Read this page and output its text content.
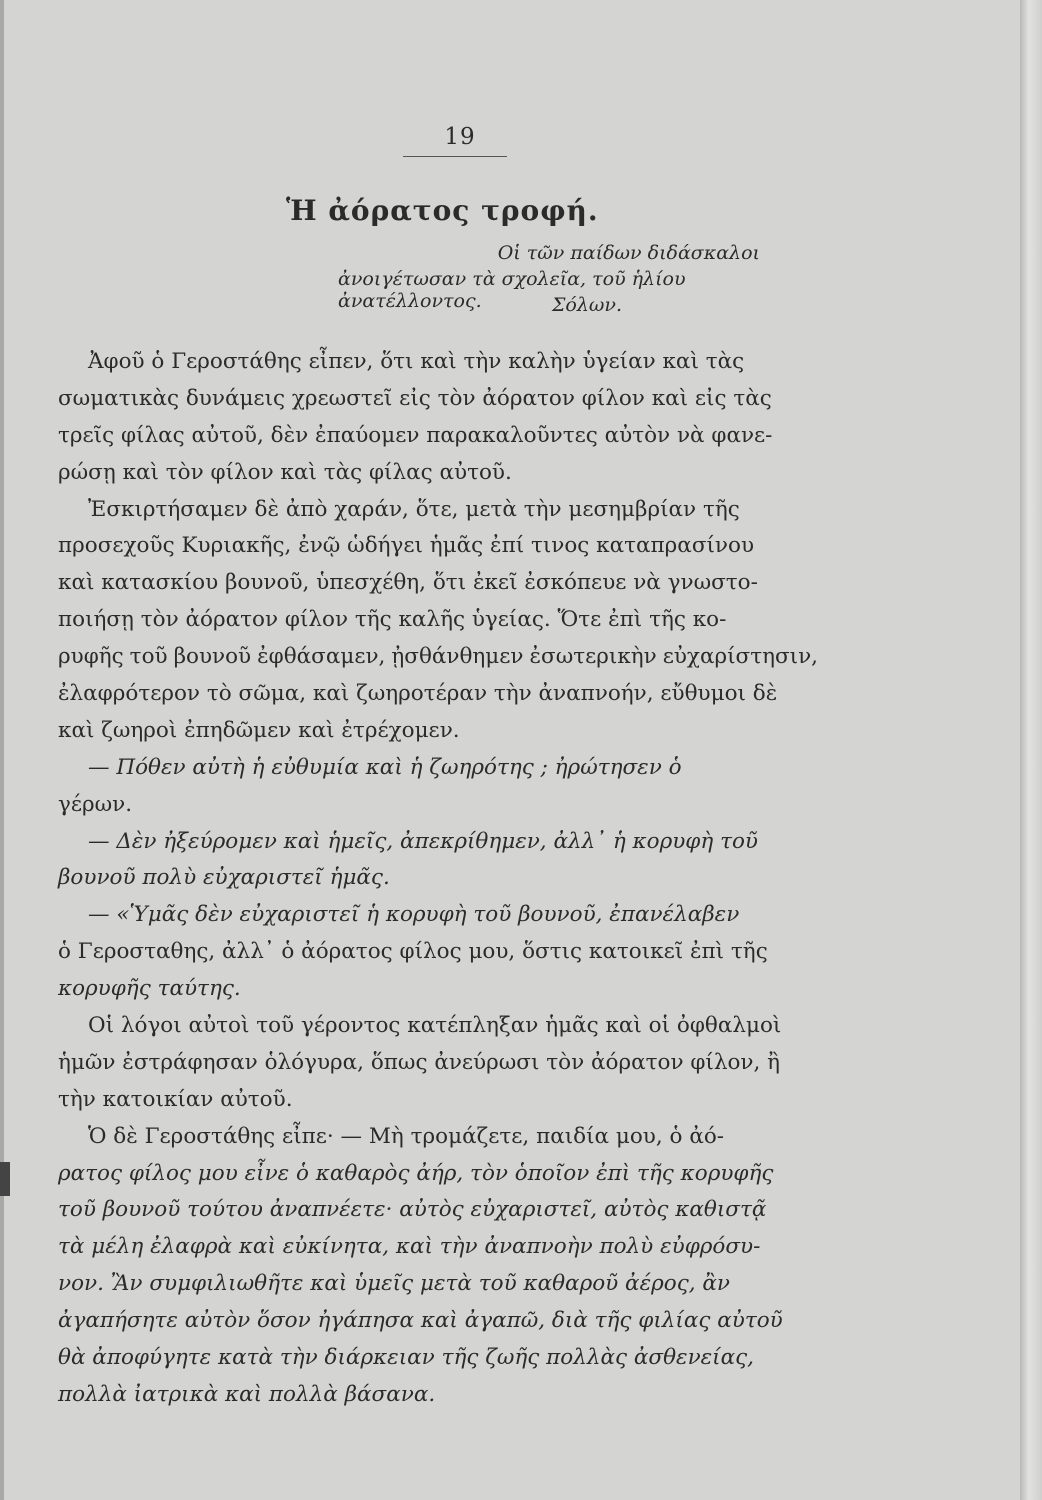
19
Ἡ ἀόρατος τροφή.
Οἱ τῶν παίδων διδάσκαλοι
ἀνοιγέτωσαν τὰ σχολεῖα, τοῦ ἡλίου ἀνατέλλοντος.	Σόλων.
Ἀφοῦ ὁ Γεροστάθης εἶπεν, ὅτι καὶ τὴν καλὴν ὑγείαν καὶ τὰς
σωματικὰς δυνάμεις χρεωστεῖ εἰς τὸν ἀόρατον φίλον καὶ εἰς τὰς
τρεῖς φίλας αὐτοῦ, δὲν ἐπαύομεν παρακαλοῦντες αὐτὸν νὰ φανε-
ρώσῃ καὶ τὸν φίλον καὶ τὰς φίλας αὐτοῦ.
Ἐσκιρτήσαμεν δὲ ἀπὸ χαράν, ὅτε, μετὰ τὴν μεσημβρίαν τῆς
προσεχοῦς Κυριακῆς, ἐνῷ ὡδήγει ἡμᾶς ἐπί τινος καταπρασίνου
καὶ κατασκίου βουνοῦ, ὑπεσχέθη, ὅτι ἐκεῖ ἐσκόπευε νὰ γνωστο-
ποιήσῃ τὸν ἀόρατον φίλον τῆς καλῆς ὑγείας. Ὅτε ἐπὶ τῆς κο-
ρυφῆς τοῦ βουνοῦ ἐφθάσαμεν, ᾐσθάνθημεν ἐσωτερικὴν εὐχαρίστησιν,
ἐλαφρότερον τὸ σῶμα, καὶ ζωηροτέραν τὴν ἀναπνοήν, εὔθυμοι δὲ
καὶ ζωηροὶ ἐπηδῶμεν καὶ ἐτρέχομεν.
— Πόθεν αὐτὴ ἡ εὐθυμία καὶ ἡ ζωηρότης ; ἠρώτησεν ὁ
γέρων.
— Δὲν ἠξεύρομεν καὶ ἡμεῖς, ἀπεκρίθημεν, ἀλλ᾽ ἡ κορυφὴ τοῦ
βουνοῦ πολὺ εὐχαριστεῖ ἡμᾶς.
— «Ὑμᾶς δὲν εὐχαριστεῖ ἡ κορυφὴ τοῦ βουνοῦ, ἐπανέλαβεν
ὁ Γεροσταθης, ἀλλ᾽ ὁ ἀόρατος φίλος μου, ὅστις κατοικεῖ ἐπὶ τῆς
κορυφῆς ταύτης.
Οἱ λόγοι αὐτοὶ τοῦ γέροντος κατέπληξαν ἡμᾶς καὶ οἱ ὀφθαλμοὶ
ἡμῶν ἐστράφησαν ὁλόγυρα, ὅπως ἀνεύρωσι τὸν ἀόρατον φίλον, ἢ
τὴν κατοικίαν αὐτοῦ.
Ὁ δὲ Γεροστάθης εἶπε· — Μὴ τρομάζετε, παιδία μου, ὁ ἀό-
ρατος φίλος μου εἶνε ὁ καθαρὸς ἀήρ, τὸν ὁποῖον ἐπὶ τῆς κορυφῆς
τοῦ βουνοῦ τούτου ἀναπνέετε· αὐτὸς εὐχαριστεῖ, αὐτὸς καθιστᾷ
τὰ μέλη ἐλαφρὰ καὶ εὐκίνητα, καὶ τὴν ἀναπνοὴν πολὺ εὐφρόσυ-
νον. Ἂν συμφιλιωθῆτε καὶ ὑμεῖς μετὰ τοῦ καθαροῦ ἀέρος, ἂν
ἀγαπήσητε αὐτὸν ὅσον ἠγάπησα καὶ ἀγαπῶ, διὰ τῆς φιλίας αὐτοῦ
θὰ ἀποφύγητε κατὰ τὴν διάρκειαν τῆς ζωῆς πολλὰς ἀσθενείας,
πολλὰ ἰατρικὰ καὶ πολλὰ βάσανα.
